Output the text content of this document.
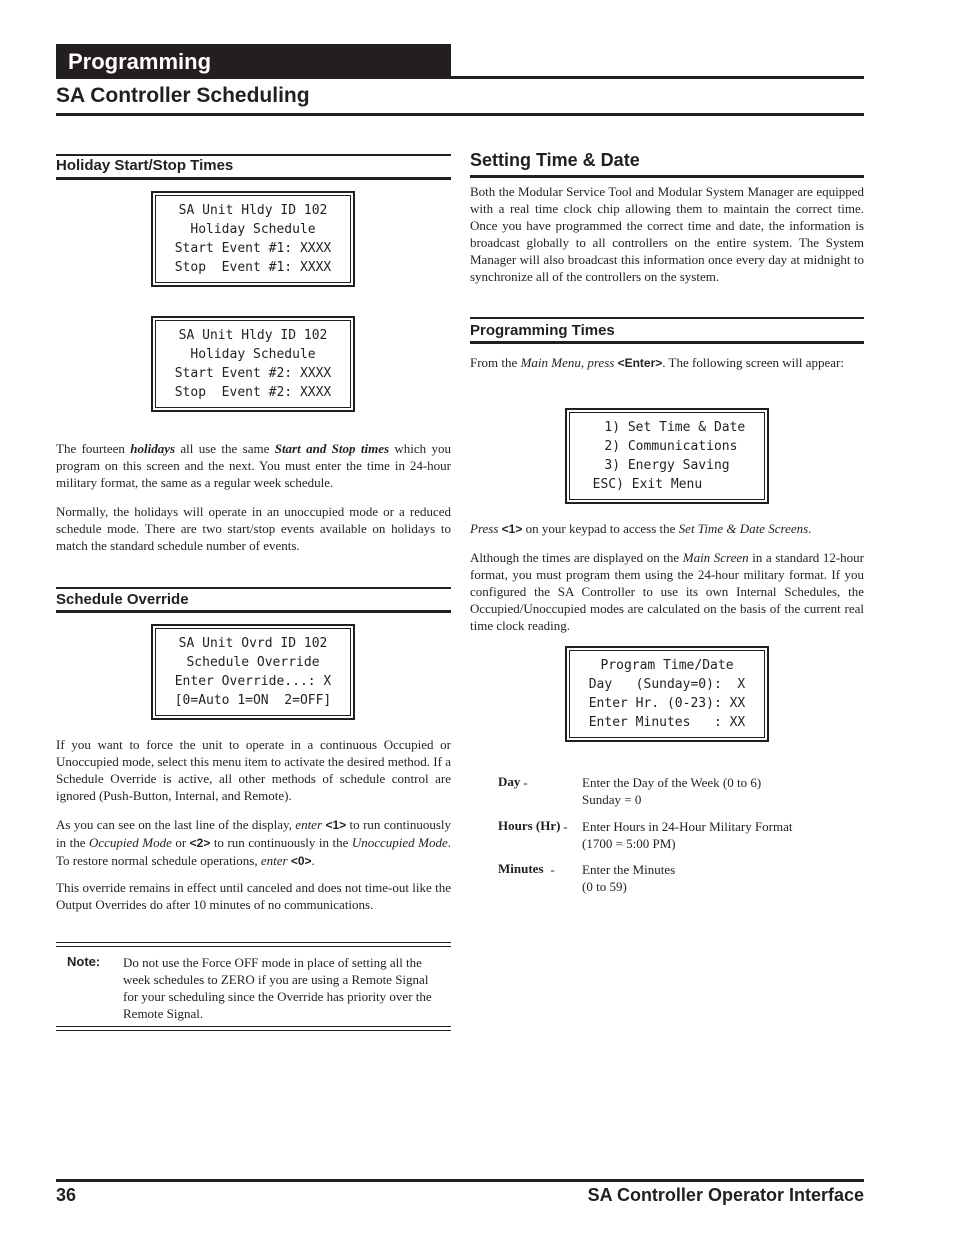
Programming
SA Controller Scheduling
Holiday Start/Stop Times
SA Unit Hldy ID 102
Holiday Schedule
Start Event #1: XXXX
Stop  Event #1: XXXX
SA Unit Hldy ID 102
Holiday Schedule
Start Event #2: XXXX
Stop  Event #2: XXXX
The fourteen holidays all use the same Start and Stop times which you program on this screen and the next. You must enter the time in 24-hour military format, the same as a regular week schedule.
Normally, the holidays will operate in an unoccupied mode or a reduced schedule mode. There are two start/stop events available on holidays to match the standard schedule number of events.
Schedule Override
SA Unit Ovrd ID 102
Schedule Override
Enter Override...: X
[0=Auto 1=ON  2=OFF]
If you want to force the unit to operate in a continuous Occupied or Unoccupied mode, select this menu item to activate the desired method. If a Schedule Override is active, all other methods of schedule control are ignored (Push-Button, Internal, and Remote).
As you can see on the last line of the display, enter <1> to run continuously in the Occupied Mode or <2> to run continuously in the Unoccupied Mode. To restore normal schedule operations, enter <0>.
This override remains in effect until canceled and does not time-out like the Output Overrides do after 10 minutes of no communications.
Note: Do not use the Force OFF mode in place of setting all the week schedules to ZERO if you are using a Remote Signal for your scheduling since the Override has priority over the Remote Signal.
Setting Time & Date
Both the Modular Service Tool and Modular System Manager are equipped with a real time clock chip allowing them to maintain the correct time. Once you have programmed the correct time and date, the information is broadcast globally to all controllers on the entire system. The System Manager will also broadcast this information once every day at midnight to synchronize all of the controllers on the system.
Programming Times
From the Main Menu, press <Enter>. The following screen will appear:
1) Set Time & Date
2) Communications
3) Energy Saving
ESC) Exit Menu
Press <1> on your keypad to access the Set Time & Date Screens.
Although the times are displayed on the Main Screen in a standard 12-hour format, you must program them using the 24-hour military format. If you configured the SA Controller to use its own Internal Schedules, the Occupied/Unoccupied modes are calculated on the basis of the current real time clock reading.
Program Time/Date
Day   (Sunday=0):  X
Enter Hr. (0-23): XX
Enter Minutes   : XX
Day -	Enter the Day of the Week (0 to 6)
Sunday = 0
Hours (Hr) - Enter Hours in 24-Hour Military Format
(1700 = 5:00 PM)
Minutes - Enter the Minutes
(0 to 59)
36	SA Controller Operator Interface
